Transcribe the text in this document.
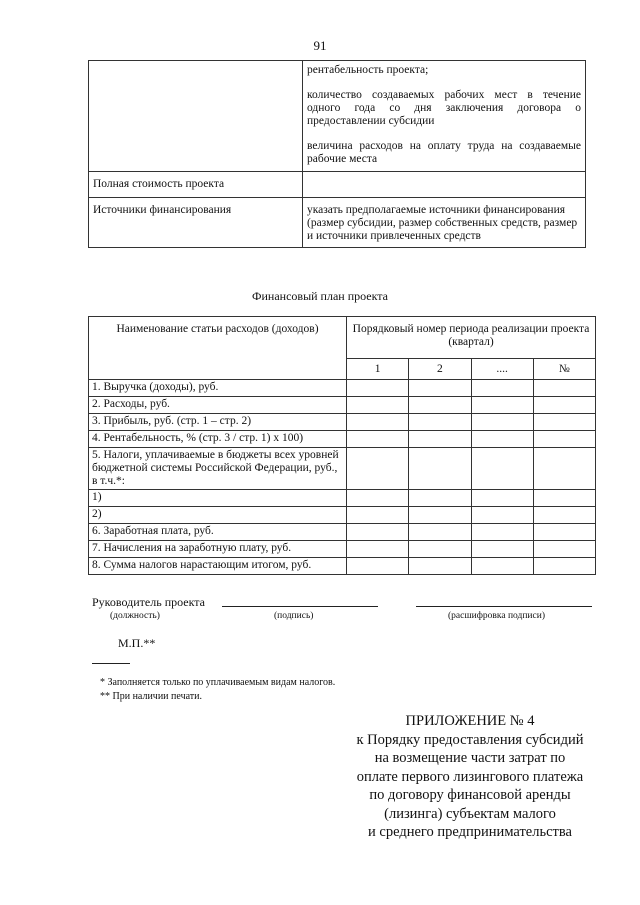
91

	рентабельность проекта;

количество создаваемых рабочих мест в течение одного года со дня заключения договора о предоставлении субсидии

величина расходов на оплату труда на создаваемые рабочие места

Полная стоимость проекта	
Источники финансирования	указать предполагаемые источники финансирования (размер субсидии, размер собственных средств, размер и источники привлеченных средств
Финансовый план проекта
Наименование статьи расходов (доходов)	Порядковый номер периода реализации проекта (квартал)			
	1	2	....	№
1. Выручка (доходы), руб.				
2. Расходы, руб.				
3. Прибыль, руб. (стр. 1 – стр. 2)				
4. Рентабельность, % (стр. 3 / стр. 1) х 100)				
5. Налоги, уплачиваемые в бюджеты всех уровней бюджетной системы Российской Федерации, руб., в т.ч.*:				
1)				
2)				
6. Заработная плата, руб.				
7. Начисления на заработную плату, руб.				
8. Сумма налогов нарастающим итогом, руб.				
Руководитель проекта
(должность)	(подпись)	(расшифровка подписи)
М.П.**
* Заполняется только по уплачиваемым видам налогов.
** При наличии печати.
ПРИЛОЖЕНИЕ № 4
к Порядку предоставления субсидий
на возмещение части затрат по
оплате первого лизингового платежа
по договору финансовой аренды
(лизинга) субъектам малого
и среднего предпринимательства
